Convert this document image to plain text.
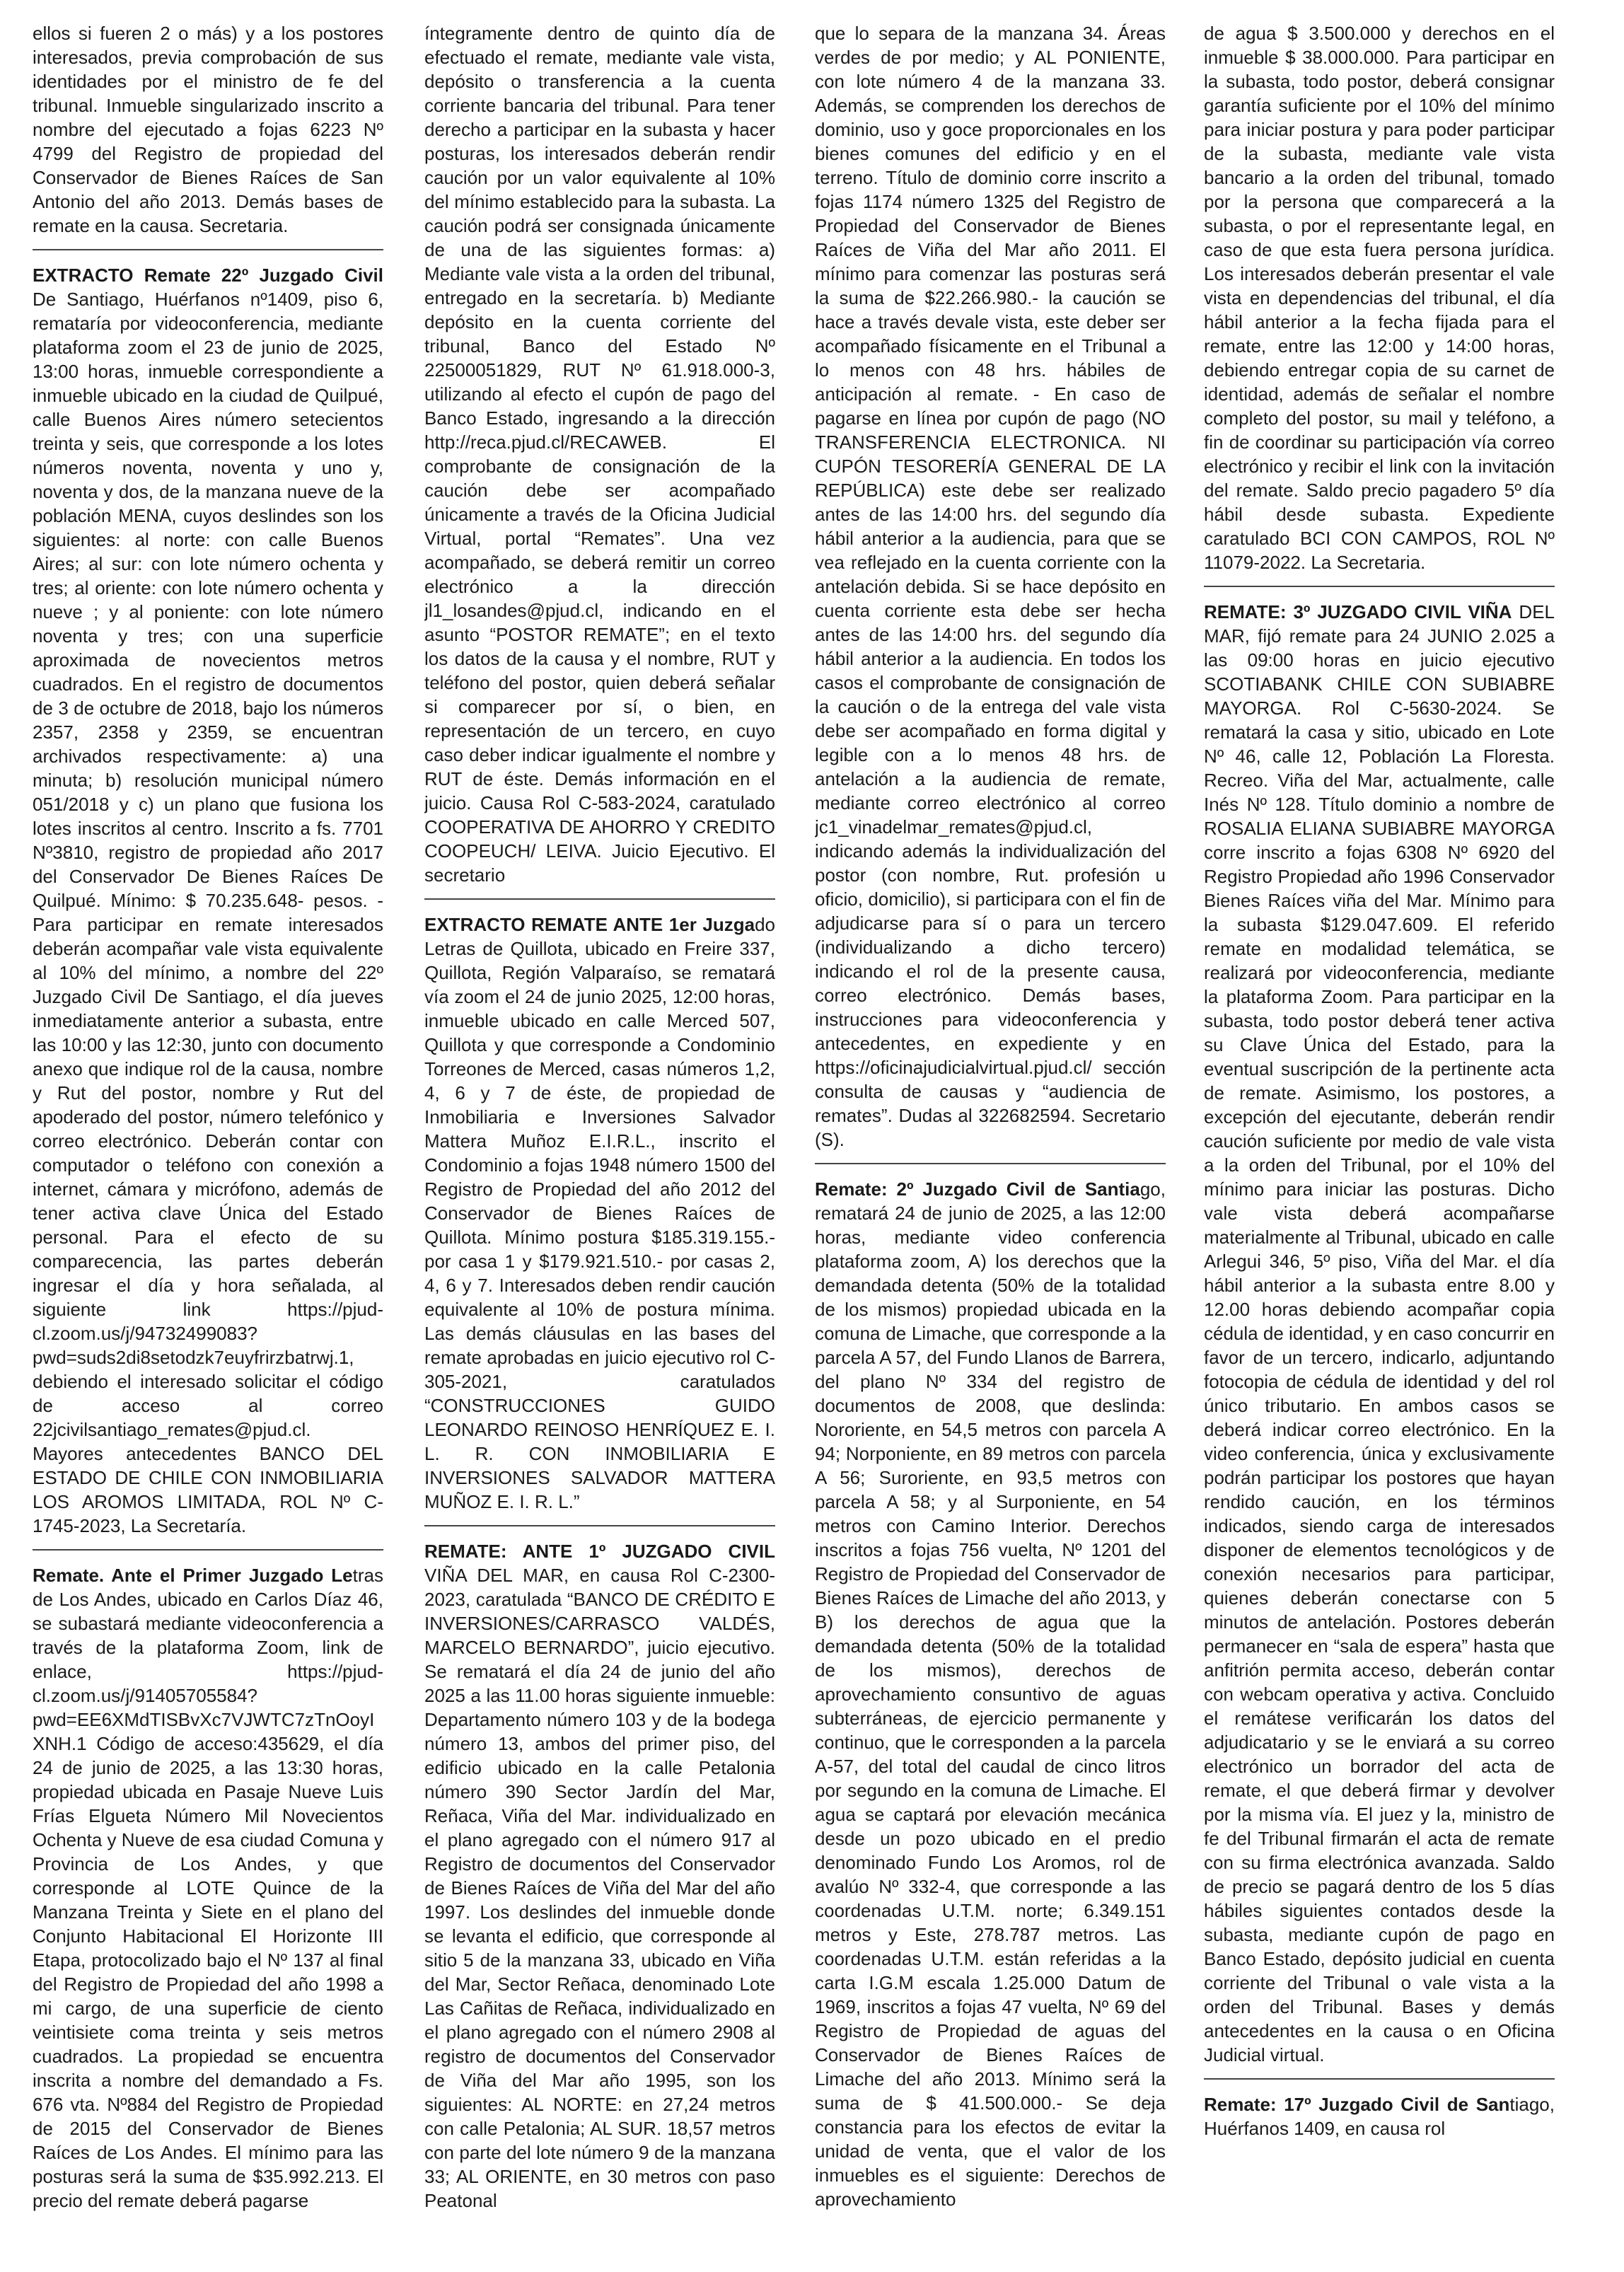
ellos si fueren 2 o más) y a los postores interesados, previa comprobación de sus identidades por el ministro de fe del tribunal. Inmueble singularizado inscrito a nombre del ejecutado a fojas 6223 Nº 4799 del Registro de propiedad del Conservador de Bienes Raíces de San Antonio del año 2013. Demás bases de remate en la causa. Secretaria.

EXTRACTO Remate 22º Juzgado Civil De Santiago, Huérfanos nº1409, piso 6, remataría por videoconferencia, mediante plataforma zoom el 23 de junio de 2025, 13:00 horas, inmueble correspondiente a inmueble ubicado en la ciudad de Quilpué, calle Buenos Aires número setecientos treinta y seis, que corresponde a los lotes números noventa, noventa y uno y, noventa y dos, de la manzana nueve de la población MENA, cuyos deslindes son los siguientes: al norte: con calle Buenos Aires; al sur: con lote número ochenta y tres; al oriente: con lote número ochenta y nueve ; y al poniente: con lote número noventa y tres; con una superficie aproximada de novecientos metros cuadrados. En el registro de documentos de 3 de octubre de 2018, bajo los números 2357, 2358 y 2359, se encuentran archivados respectivamente: a) una minuta; b) resolución municipal número 051/2018 y c) un plano que fusiona los lotes inscritos al centro. Inscrito a fs. 7701 Nº3810, registro de propiedad año 2017 del Conservador De Bienes Raíces De Quilpué. Mínimo: $ 70.235.648- pesos. -Para participar en remate interesados deberán acompañar vale vista equivalente al 10% del mínimo, a nombre del 22º Juzgado Civil De Santiago, el día jueves inmediatamente anterior a subasta, entre las 10:00 y las 12:30, junto con documento anexo que indique rol de la causa, nombre y Rut del postor, nombre y Rut del apoderado del postor, número telefónico y correo electrónico. Deberán contar con computador o teléfono con conexión a internet, cámara y micrófono, además de tener activa clave Única del Estado personal. Para el efecto de su comparecencia, las partes deberán ingresar el día y hora señalada, al siguiente link https://pjud-cl.zoom.us/j/94732499083?pwd=suds2di8setodzk7euyfrirzbatrwj.1, debiendo el interesado solicitar el código de acceso al correo 22jcivilsantiago_remates@pjud.cl. Mayores antecedentes BANCO DEL ESTADO DE CHILE CON INMOBILIARIA LOS AROMOS LIMITADA, ROL Nº C-1745-2023, La Secretaría.

Remate. Ante el Primer Juzgado Letras de Los Andes, ubicado en Carlos Díaz 46, se subastará mediante videoconferencia a través de la plataforma Zoom, link de enlace, https://pjud-cl.zoom.us/j/91405705584?pwd=EE6XMdTISBvXc7VJWTC7zTnOoyIXNH.1 Código de acceso:435629, el día 24 de junio de 2025, a las 13:30 horas, propiedad ubicada en Pasaje Nueve Luis Frías Elgueta Número Mil Novecientos Ochenta y Nueve de esa ciudad Comuna y Provincia de Los Andes, y que corresponde al LOTE Quince de la Manzana Treinta y Siete en el plano del Conjunto Habitacional El Horizonte III Etapa, protocolizado bajo el Nº 137 al final del Registro de Propiedad del año 1998 a mi cargo, de una superficie de ciento veintisiete coma treinta y seis metros cuadrados. La propiedad se encuentra inscrita a nombre del demandado a Fs. 676 vta. Nº884 del Registro de Propiedad de 2015 del Conservador de Bienes Raíces de Los Andes. El mínimo para las posturas será la suma de $35.992.213. El precio del remate deberá pagarse

íntegramente dentro de quinto día de efectuado el remate, mediante vale vista, depósito o transferencia a la cuenta corriente bancaria del tribunal. Para tener derecho a participar en la subasta y hacer posturas, los interesados deberán rendir caución por un valor equivalente al 10% del mínimo establecido para la subasta. La caución podrá ser consignada únicamente de una de las siguientes formas: a) Mediante vale vista a la orden del tribunal, entregado en la secretaría. b) Mediante depósito en la cuenta corriente del tribunal, Banco del Estado Nº 22500051829, RUT Nº 61.918.000-3, utilizando al efecto el cupón de pago del Banco Estado, ingresando a la dirección http://reca.pjud.cl/RECAWEB. El comprobante de consignación de la caución debe ser acompañado únicamente a través de la Oficina Judicial Virtual, portal “Remates”. Una vez acompañado, se deberá remitir un correo electrónico a la dirección jl1_losandes@pjud.cl, indicando en el asunto “POSTOR REMATE”; en el texto los datos de la causa y el nombre, RUT y teléfono del postor, quien deberá señalar si comparecer por sí, o bien, en representación de un tercero, en cuyo caso deber indicar igualmente el nombre y RUT de éste. Demás información en el juicio. Causa Rol C-583-2024, caratulado COOPERATIVA DE AHORRO Y CREDITO COOPEUCH/ LEIVA. Juicio Ejecutivo. El secretario

EXTRACTO REMATE ANTE 1er Juzgado Letras de Quillota, ubicado en Freire 337, Quillota, Región Valparaíso, se rematará vía zoom el 24 de junio 2025, 12:00 horas, inmueble ubicado en calle Merced 507, Quillota y que corresponde a Condominio Torreones de Merced, casas números 1,2, 4, 6 y 7 de éste, de propiedad de Inmobiliaria e Inversiones Salvador Mattera Muñoz E.I.R.L., inscrito el Condominio a fojas 1948 número 1500 del Registro de Propiedad del año 2012 del Conservador de Bienes Raíces de Quillota. Mínimo postura $185.319.155.- por casa 1 y $179.921.510.- por casas 2, 4, 6 y 7. Interesados deben rendir caución equivalente al 10% de postura mínima. Las demás cláusulas en las bases del remate aprobadas en juicio ejecutivo rol C-305-2021, caratulados “CONSTRUCCIONES GUIDO LEONARDO REINOSO HENRÍQUEZ E. I. L. R. CON INMOBILIARIA E INVERSIONES SALVADOR MATTERA MUÑOZ E. I. R. L.”

REMATE: ANTE 1º JUZGADO CIVIL VIÑA DEL MAR, en causa Rol C-2300-2023, caratulada “BANCO DE CRÉDITO E INVERSIONES/CARRASCO VALDÉS, MARCELO BERNARDO”, juicio ejecutivo. Se rematará el día 24 de junio del año 2025 a las 11.00 horas siguiente inmueble: Departamento número 103 y de la bodega número 13, ambos del primer piso, del edificio ubicado en la calle Petalonia número 390 Sector Jardín del Mar, Reñaca, Viña del Mar. individualizado en el plano agregado con el número 917 al Registro de documentos del Conservador de Bienes Raíces de Viña del Mar del año 1997. Los deslindes del inmueble donde se levanta el edificio, que corresponde al sitio 5 de la manzana 33, ubicado en Viña del Mar, Sector Reñaca, denominado Lote Las Cañitas de Reñaca, individualizado en el plano agregado con el número 2908 al registro de documentos del Conservador de Viña del Mar año 1995, son los siguientes: AL NORTE: en 27,24 metros con calle Petalonia; AL SUR. 18,57 metros con parte del lote número 9 de la manzana 33; AL ORIENTE, en 30 metros con paso Peatonal

que lo separa de la manzana 34. Áreas verdes de por medio; y AL PONIENTE, con lote número 4 de la manzana 33. Además, se comprenden los derechos de dominio, uso y goce proporcionales en los bienes comunes del edificio y en el terreno. Título de dominio corre inscrito a fojas 1174 número 1325 del Registro de Propiedad del Conservador de Bienes Raíces de Viña del Mar año 2011. El mínimo para comenzar las posturas será la suma de $22.266.980.- la caución se hace a través devale vista, este deber ser acompañado físicamente en el Tribunal a lo menos con 48 hrs. hábiles de anticipación al remate. - En caso de pagarse en línea por cupón de pago (NO TRANSFERENCIA ELECTRONICA. NI CUPÓN TESORERÍA GENERAL DE LA REPÚBLICA) este debe ser realizado antes de las 14:00 hrs. del segundo día hábil anterior a la audiencia, para que se vea reflejado en la cuenta corriente con la antelación debida. Si se hace depósito en cuenta corriente esta debe ser hecha antes de las 14:00 hrs. del segundo día hábil anterior a la audiencia. En todos los casos el comprobante de consignación de la caución o de la entrega del vale vista debe ser acompañado en forma digital y legible con a lo menos 48 hrs. de antelación a la audiencia de remate, mediante correo electrónico al correo jc1_vinadelmar_remates@pjud.cl, indicando además la individualización del postor (con nombre, Rut. profesión u oficio, domicilio), si participara con el fin de adjudicarse para sí o para un tercero (individualizando a dicho tercero) indicando el rol de la presente causa, correo electrónico. Demás bases, instrucciones para videoconferencia y antecedentes, en expediente y en https://oficinajudicialvirtual.pjud.cl/ sección consulta de causas y “audiencia de remates”. Dudas al 322682594. Secretario (S).

Remate: 2º Juzgado Civil de Santiago, rematará 24 de junio de 2025, a las 12:00 horas, mediante video conferencia plataforma zoom, A) los derechos que la demandada detenta (50% de la totalidad de los mismos) propiedad ubicada en la comuna de Limache, que corresponde a la parcela A 57, del Fundo Llanos de Barrera, del plano Nº 334 del registro de documentos de 2008, que deslinda: Nororiente, en 54,5 metros con parcela A 94; Norponiente, en 89 metros con parcela A 56; Suroriente, en 93,5 metros con parcela A 58; y al Surponiente, en 54 metros con Camino Interior. Derechos inscritos a fojas 756 vuelta, Nº 1201 del Registro de Propiedad del Conservador de Bienes Raíces de Limache del año 2013, y B) los derechos de agua que la demandada detenta (50% de la totalidad de los mismos), derechos de aprovechamiento consuntivo de aguas subterráneas, de ejercicio permanente y continuo, que le corresponden a la parcela A-57, del total del caudal de cinco litros por segundo en la comuna de Limache. El agua se captará por elevación mecánica desde un pozo ubicado en el predio denominado Fundo Los Aromos, rol de avalúo Nº 332-4, que corresponde a las coordenadas U.T.M. norte; 6.349.151 metros y Este, 278.787 metros. Las coordenadas U.T.M. están referidas a la carta I.G.M escala 1.25.000 Datum de 1969, inscritos a fojas 47 vuelta, Nº 69 del Registro de Propiedad de aguas del Conservador de Bienes Raíces de Limache del año 2013. Mínimo será la suma de $ 41.500.000.- Se deja constancia para los efectos de evitar la unidad de venta, que el valor de los inmuebles es el siguiente: Derechos de aprovechamiento

de agua $ 3.500.000 y derechos en el inmueble $ 38.000.000. Para participar en la subasta, todo postor, deberá consignar garantía suficiente por el 10% del mínimo para iniciar postura y para poder participar de la subasta, mediante vale vista bancario a la orden del tribunal, tomado por la persona que comparecerá a la subasta, o por el representante legal, en caso de que esta fuera persona jurídica. Los interesados deberán presentar el vale vista en dependencias del tribunal, el día hábil anterior a la fecha fijada para el remate, entre las 12:00 y 14:00 horas, debiendo entregar copia de su carnet de identidad, además de señalar el nombre completo del postor, su mail y teléfono, a fin de coordinar su participación vía correo electrónico y recibir el link con la invitación del remate. Saldo precio pagadero 5º día hábil desde subasta. Expediente caratulado BCI CON CAMPOS, ROL Nº 11079-2022. La Secretaria.

REMATE: 3º JUZGADO CIVIL VIÑA DEL MAR, fijó remate para 24 JUNIO 2.025 a las 09:00 horas en juicio ejecutivo SCOTIABANK CHILE CON SUBIABRE MAYORGA. Rol C-5630-2024. Se rematará la casa y sitio, ubicado en Lote Nº 46, calle 12, Población La Floresta. Recreo. Viña del Mar, actualmente, calle Inés Nº 128. Título dominio a nombre de ROSALIA ELIANA SUBIABRE MAYORGA corre inscrito a fojas 6308 Nº 6920 del Registro Propiedad año 1996 Conservador Bienes Raíces viña del Mar. Mínimo para la subasta $129.047.609. El referido remate en modalidad telemática, se realizará por videoconferencia, mediante la plataforma Zoom. Para participar en la subasta, todo postor deberá tener activa su Clave Única del Estado, para la eventual suscripción de la pertinente acta de remate. Asimismo, los postores, a excepción del ejecutante, deberán rendir caución suficiente por medio de vale vista a la orden del Tribunal, por el 10% del mínimo para iniciar las posturas. Dicho vale vista deberá acompañarse materialmente al Tribunal, ubicado en calle Arlegui 346, 5º piso, Viña del Mar. el día hábil anterior a la subasta entre 8.00 y 12.00 horas debiendo acompañar copia cédula de identidad, y en caso concurrir en favor de un tercero, indicarlo, adjuntando fotocopia de cédula de identidad y del rol único tributario. En ambos casos se deberá indicar correo electrónico. En la video conferencia, única y exclusivamente podrán participar los postores que hayan rendido caución, en los términos indicados, siendo carga de interesados disponer de elementos tecnológicos y de conexión necesarios para participar, quienes deberán conectarse con 5 minutos de antelación. Postores deberán permanecer en “sala de espera” hasta que anfitrión permita acceso, deberán contar con webcam operativa y activa. Concluido el remátese verificarán los datos del adjudicatario y se le enviará a su correo electrónico un borrador del acta de remate, el que deberá firmar y devolver por la misma vía. El juez y la, ministro de fe del Tribunal firmarán el acta de remate con su firma electrónica avanzada. Saldo de precio se pagará dentro de los 5 días hábiles siguientes contados desde la subasta, mediante cupón de pago en Banco Estado, depósito judicial en cuenta corriente del Tribunal o vale vista a la orden del Tribunal. Bases y demás antecedentes en la causa o en Oficina Judicial virtual.

Remate: 17º Juzgado Civil de Santiago, Huérfanos 1409, en causa rol
